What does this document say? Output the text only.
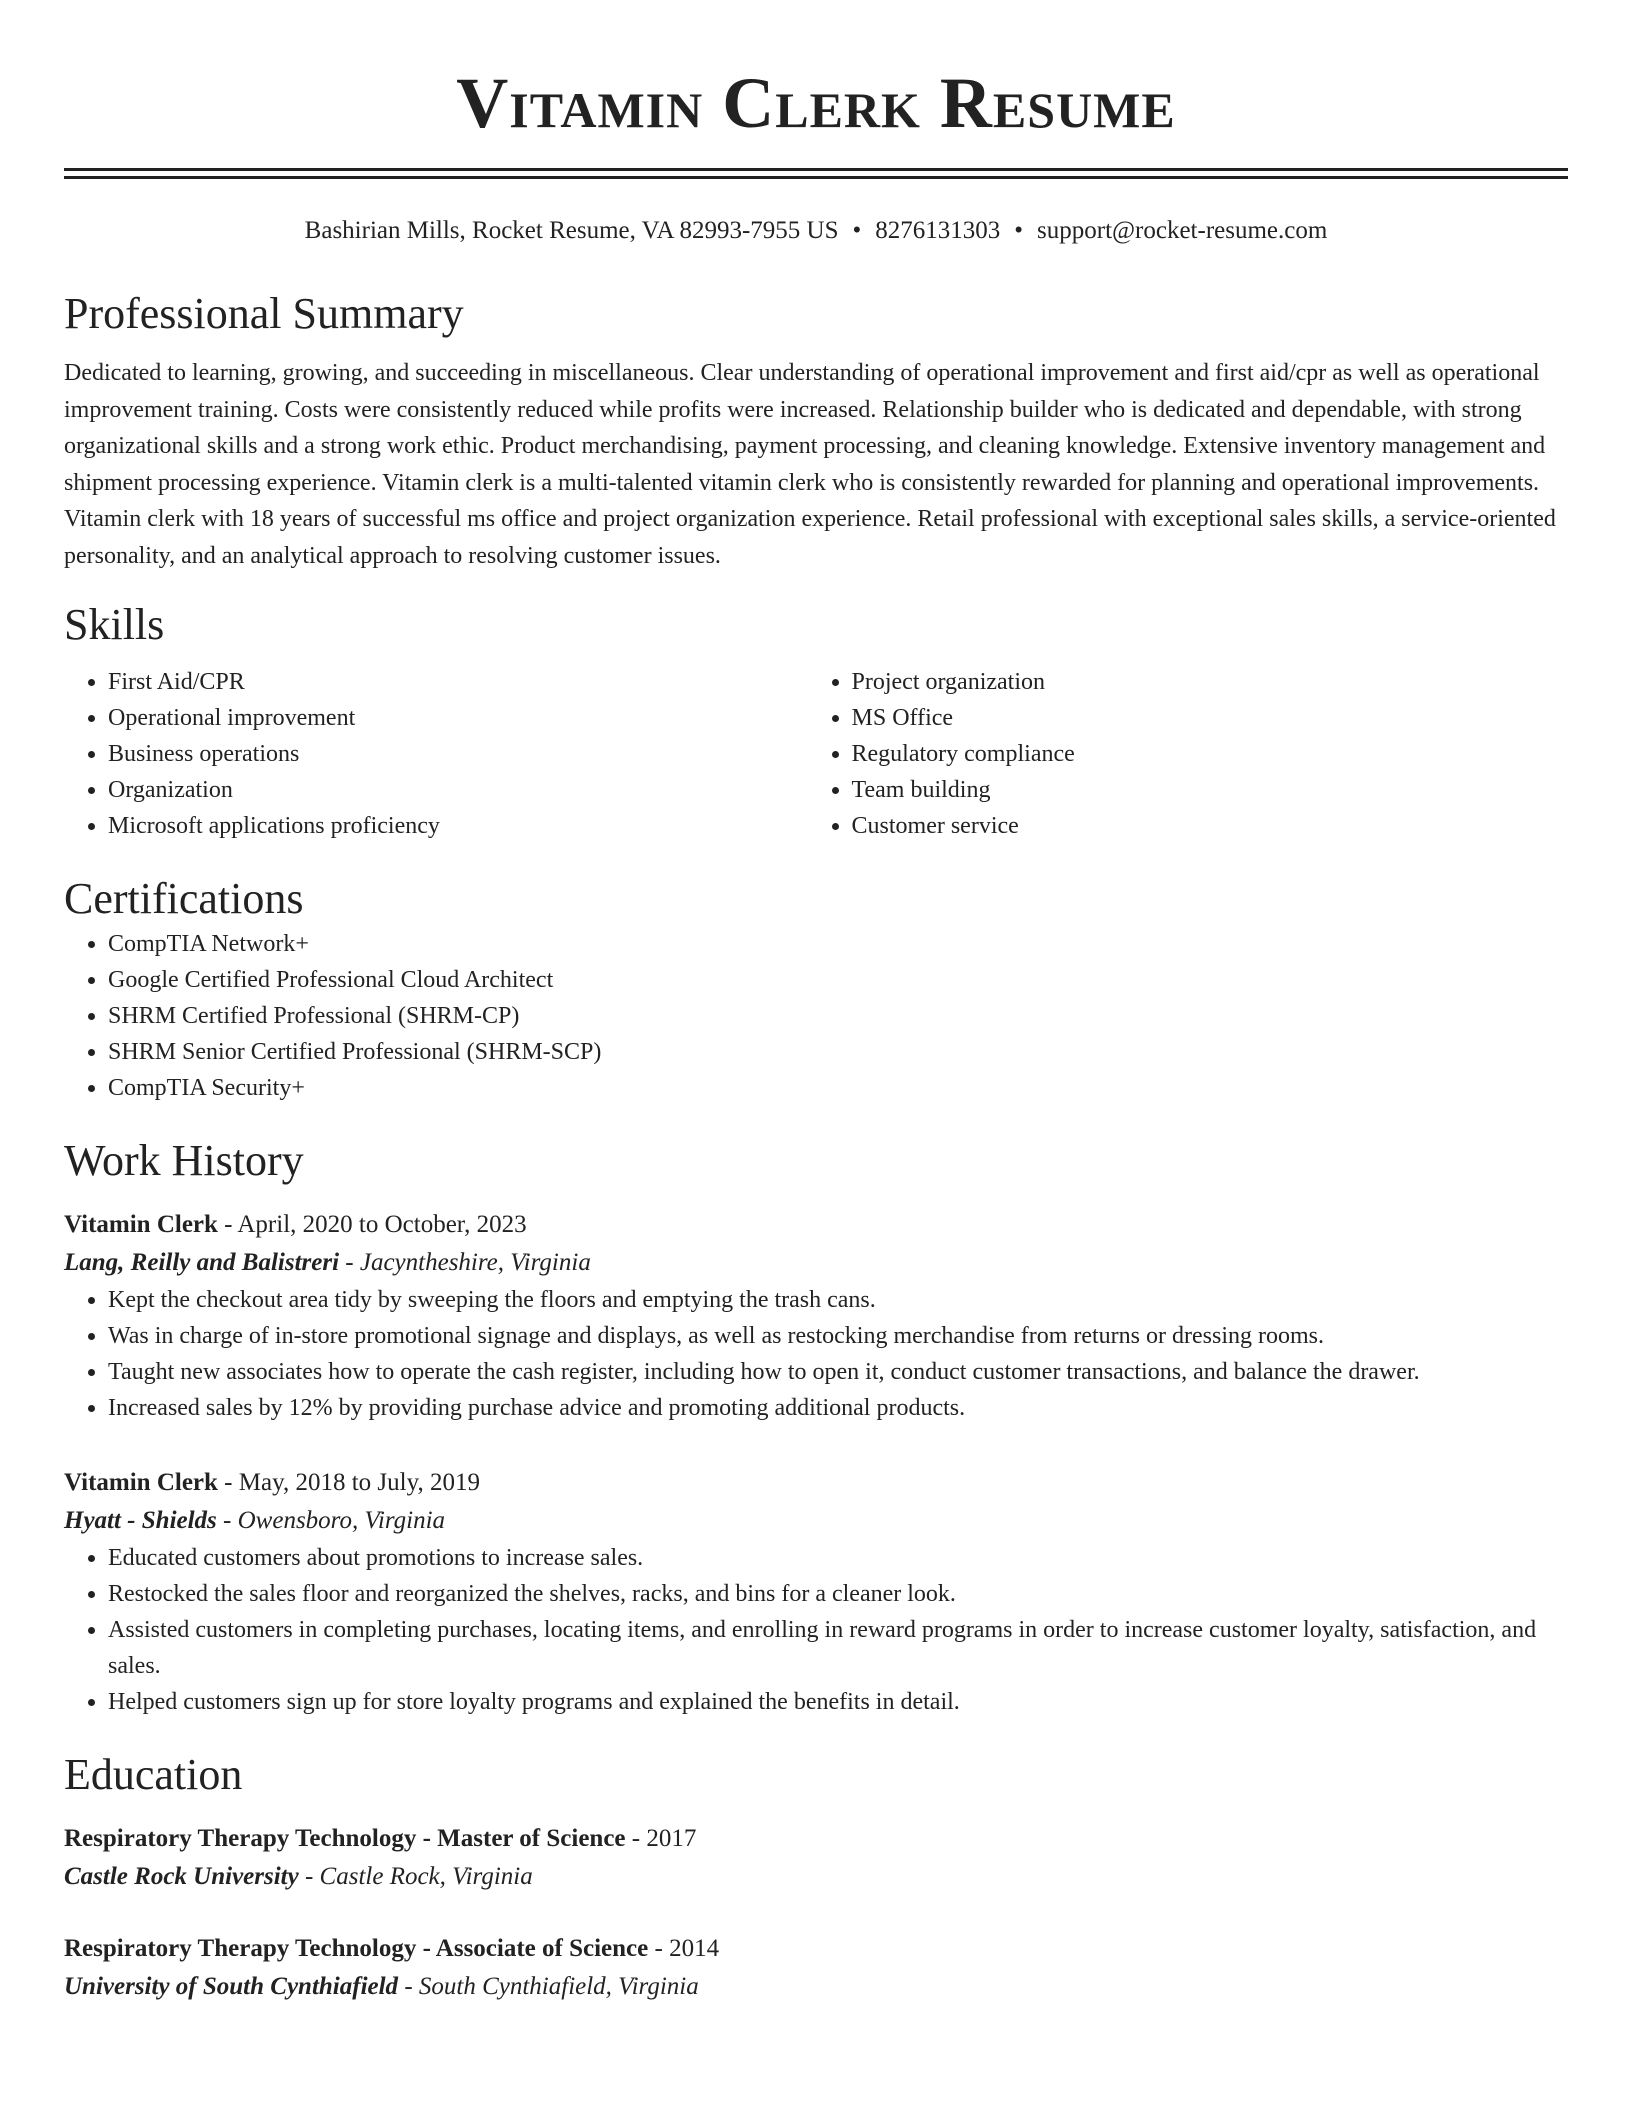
Vitamin Clerk Resume
Bashirian Mills, Rocket Resume, VA 82993-7955 US • 8276131303 • support@rocket-resume.com
Professional Summary

Dedicated to learning, growing, and succeeding in miscellaneous. Clear understanding of operational improvement and first aid/cpr as well as operational improvement training. Costs were consistently reduced while profits were increased. Relationship builder who is dedicated and dependable, with strong organizational skills and a strong work ethic. Product merchandising, payment processing, and cleaning knowledge. Extensive inventory management and shipment processing experience. Vitamin clerk is a multi-talented vitamin clerk who is consistently rewarded for planning and operational improvements. Vitamin clerk with 18 years of successful ms office and project organization experience. Retail professional with exceptional sales skills, a service-oriented personality, and an analytical approach to resolving customer issues.

Skills
• First Aid/CPR
• Operational improvement
• Business operations
• Organization
• Microsoft applications proficiency
• Project organization
• MS Office
• Regulatory compliance
• Team building
• Customer service
Certifications
• CompTIA Network+
• Google Certified Professional Cloud Architect
• SHRM Certified Professional (SHRM-CP)
• SHRM Senior Certified Professional (SHRM-SCP)
• CompTIA Security+
Work History
Vitamin Clerk - April, 2020 to October, 2023
Lang, Reilly and Balistreri - Jacyntheshire, Virginia
• Kept the checkout area tidy by sweeping the floors and emptying the trash cans.
• Was in charge of in-store promotional signage and displays, as well as restocking merchandise from returns or dressing rooms.
• Taught new associates how to operate the cash register, including how to open it, conduct customer transactions, and balance the drawer.
• Increased sales by 12% by providing purchase advice and promoting additional products.
Vitamin Clerk - May, 2018 to July, 2019
Hyatt - Shields - Owensboro, Virginia
• Educated customers about promotions to increase sales.
• Restocked the sales floor and reorganized the shelves, racks, and bins for a cleaner look.
• Assisted customers in completing purchases, locating items, and enrolling in reward programs in order to increase customer loyalty, satisfaction, and sales.
• Helped customers sign up for store loyalty programs and explained the benefits in detail.
Education
Respiratory Therapy Technology - Master of Science - 2017
Castle Rock University - Castle Rock, Virginia
Respiratory Therapy Technology - Associate of Science - 2014
University of South Cynthiafield - South Cynthiafield, Virginia
